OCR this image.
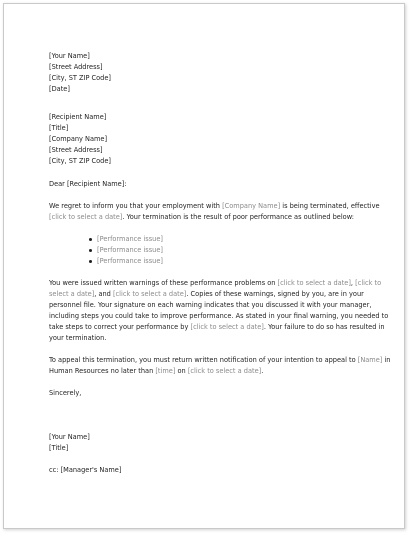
[Your Name]
[Street Address]
[City, ST ZIP Code]
[Date]
[Recipient Name]
[Title]
[Company Name]
[Street Address]
[City, ST ZIP Code]
Dear [Recipient Name]:

We regret to inform you that your employment with [Company Name] is being terminated, effective [click to select a date]. Your termination is the result of poor performance as outlined below:

[Performance issue]
[Performance issue]
[Performance issue]

You were issued written warnings of these performance problems on [click to select a date], [click to select a date], and [click to select a date]. Copies of these warnings, signed by you, are in your personnel file. Your signature on each warning indicates that you discussed it with your manager, including steps you could take to improve performance. As stated in your final warning, you needed to take steps to correct your performance by [click to select a date]. Your failure to do so has resulted in your termination.

To appeal this termination, you must return written notification of your intention to appeal to [Name] in Human Resources no later than [time] on [click to select a date].

Sincerely,
[Your Name]
[Title]
cc: [Manager's Name]
